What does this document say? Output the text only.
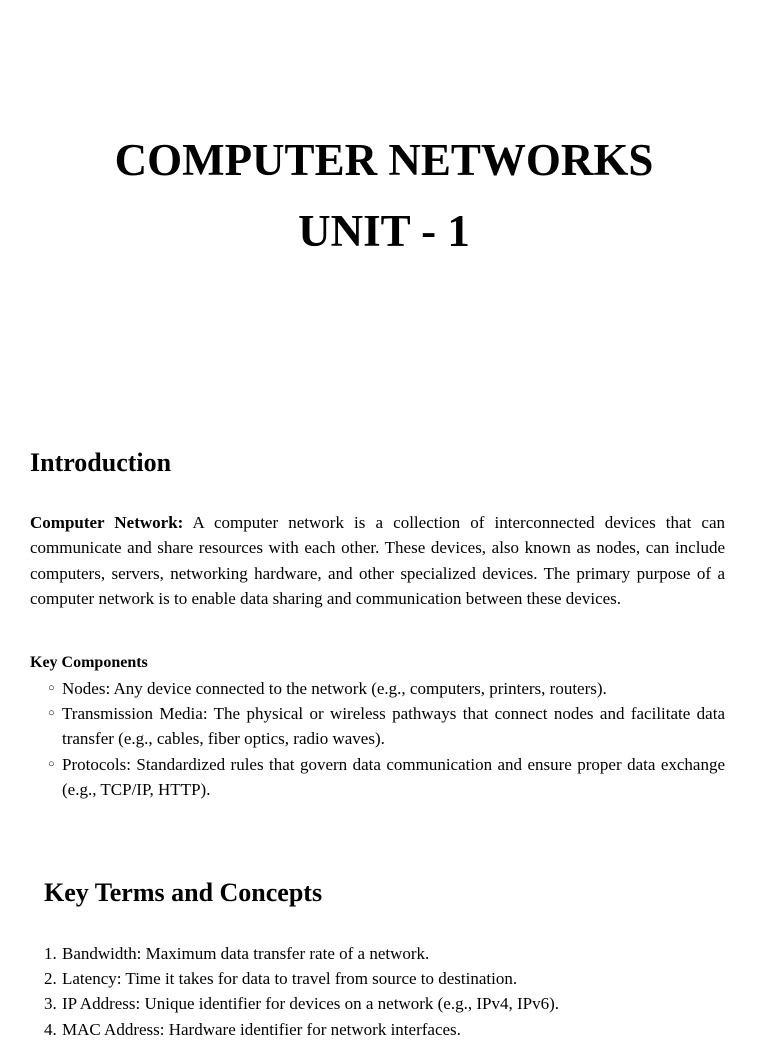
COMPUTER NETWORKS
UNIT - 1
Introduction

Computer Network: A computer network is a collection of interconnected devices that can communicate and share resources with each other. These devices, also known as nodes, can include computers, servers, networking hardware, and other specialized devices. The primary purpose of a computer network is to enable data sharing and communication between these devices.

Key Components
○ Nodes: Any device connected to the network (e.g., computers, printers, routers).
○ Transmission Media: The physical or wireless pathways that connect nodes and facilitate data transfer (e.g., cables, fiber optics, radio waves).
○ Protocols: Standardized rules that govern data communication and ensure proper data exchange (e.g., TCP/IP, HTTP).
Key Terms and Concepts
1. Bandwidth: Maximum data transfer rate of a network.
2. Latency: Time it takes for data to travel from source to destination.
3. IP Address: Unique identifier for devices on a network (e.g., IPv4, IPv6).
4. MAC Address: Hardware identifier for network interfaces.
